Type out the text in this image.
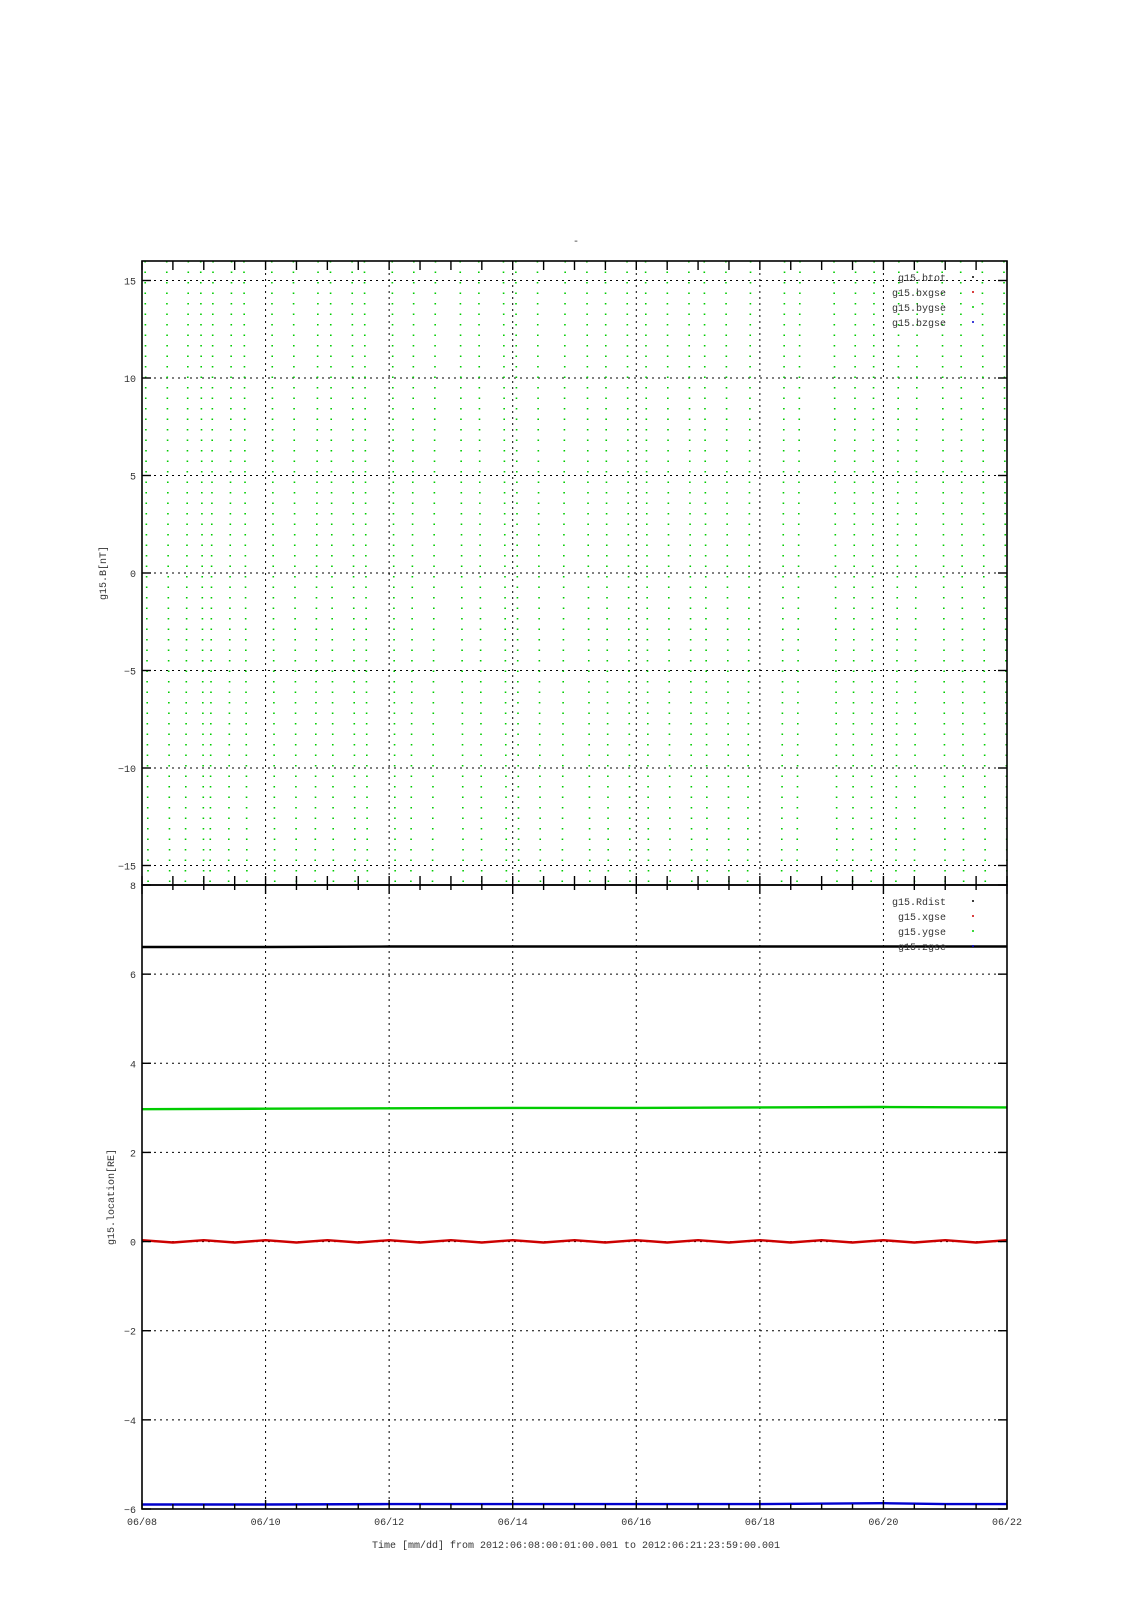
-
−15
−10
−5
0
5
10
15
g15.B[nT]
g15.btot
g15.bxgse
g15.bygse
g15.bzgse
−6
−4
−2
0
2
4
6
8
g15.location[RE]
g15.Rdist
g15.xgse
g15.ygse
g15.zgse
06/08	06/10	06/12	06/14	06/16	06/18	06/20	06/22
Time [mm/dd] from 2012:06:08:00:01:00.001 to 2012:06:21:23:59:00.001
